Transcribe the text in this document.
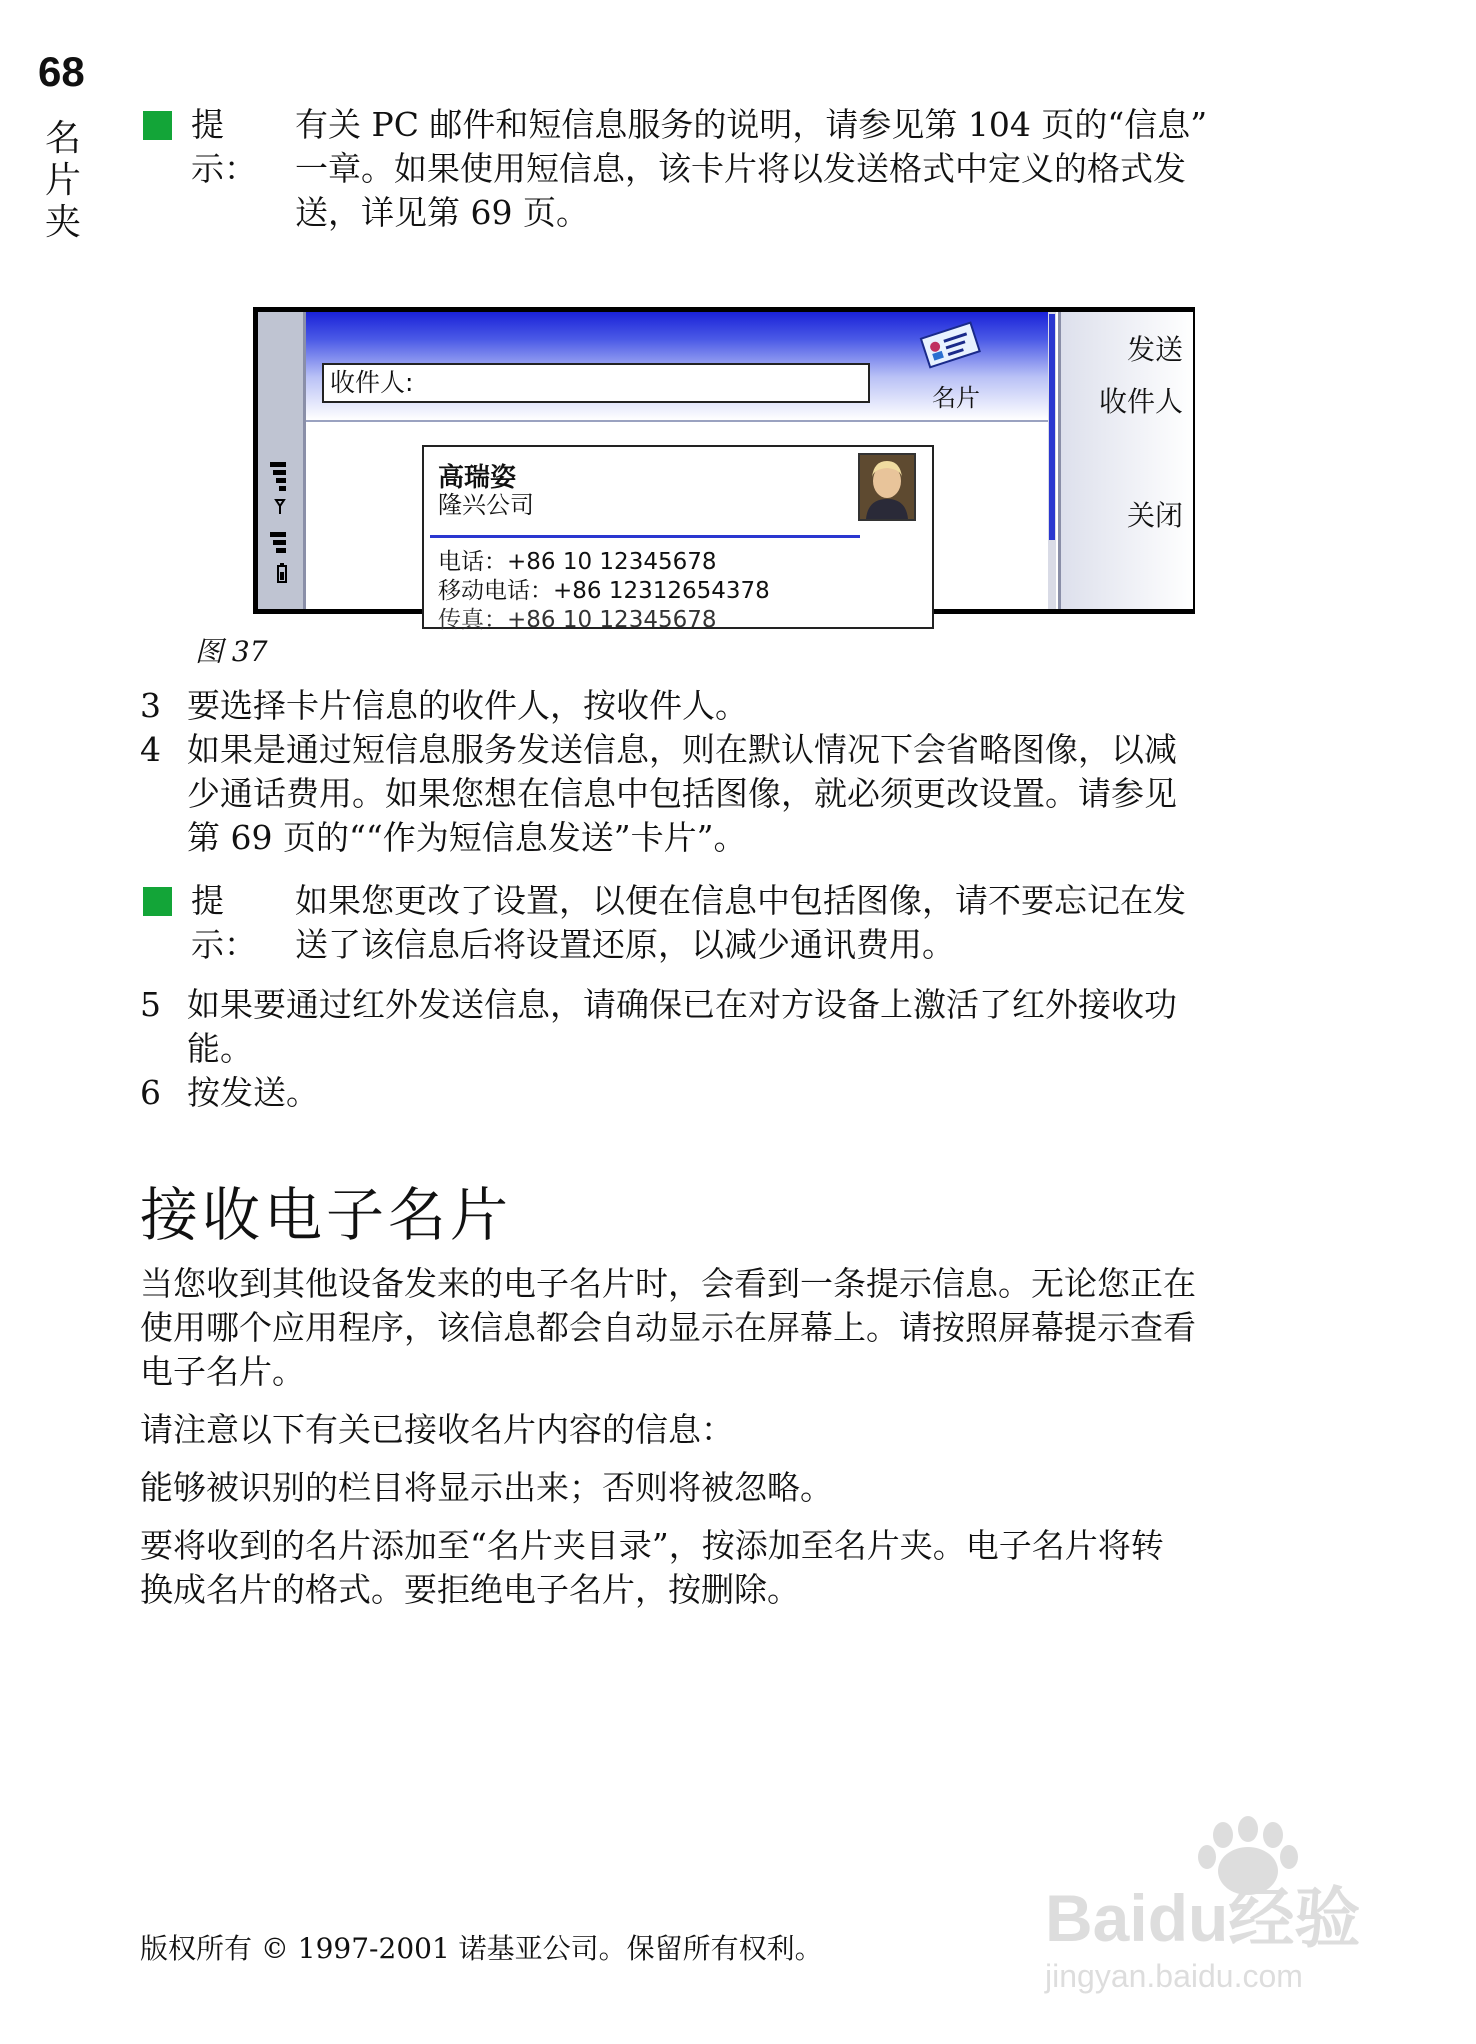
68
名片夹
提示：
有关 PC 邮件和短信息服务的说明，请参见第 104 页的“信息”
一章。如果使用短信息，该卡片将以发送格式中定义的格式发
送，详见第 69 页。
收件人:
名片
高瑞姿
隆兴公司
电话：+86 10 12345678
移动电话：+86 12312654378
传真：+86 10 12345678
发送
收件人
关闭
图 37
3 要选择卡片信息的收件人，按收件人。
4 如果是通过短信息服务发送信息，则在默认情况下会省略图像，以减
少通话费用。如果您想在信息中包括图像，就必须更改设置。请参见
第 69 页的““作为短信息发送”卡片”。
提示：
如果您更改了设置，以便在信息中包括图像，请不要忘记在发
送了该信息后将设置还原，以减少通讯费用。
5 如果要通过红外发送信息，请确保已在对方设备上激活了红外接收功
能。
6 按发送。
接收电子名片
当您收到其他设备发来的电子名片时，会看到一条提示信息。无论您正在
使用哪个应用程序，该信息都会自动显示在屏幕上。请按照屏幕提示查看
电子名片。
请注意以下有关已接收名片内容的信息：
能够被识别的栏目将显示出来；否则将被忽略。
要将收到的名片添加至“名片夹目录”，按添加至名片夹。电子名片将转
换成名片的格式。要拒绝电子名片，按删除。
版权所有 © 1997-2001 诺基亚公司。保留所有权利。	Baidu经验
jingyan.baidu.com
